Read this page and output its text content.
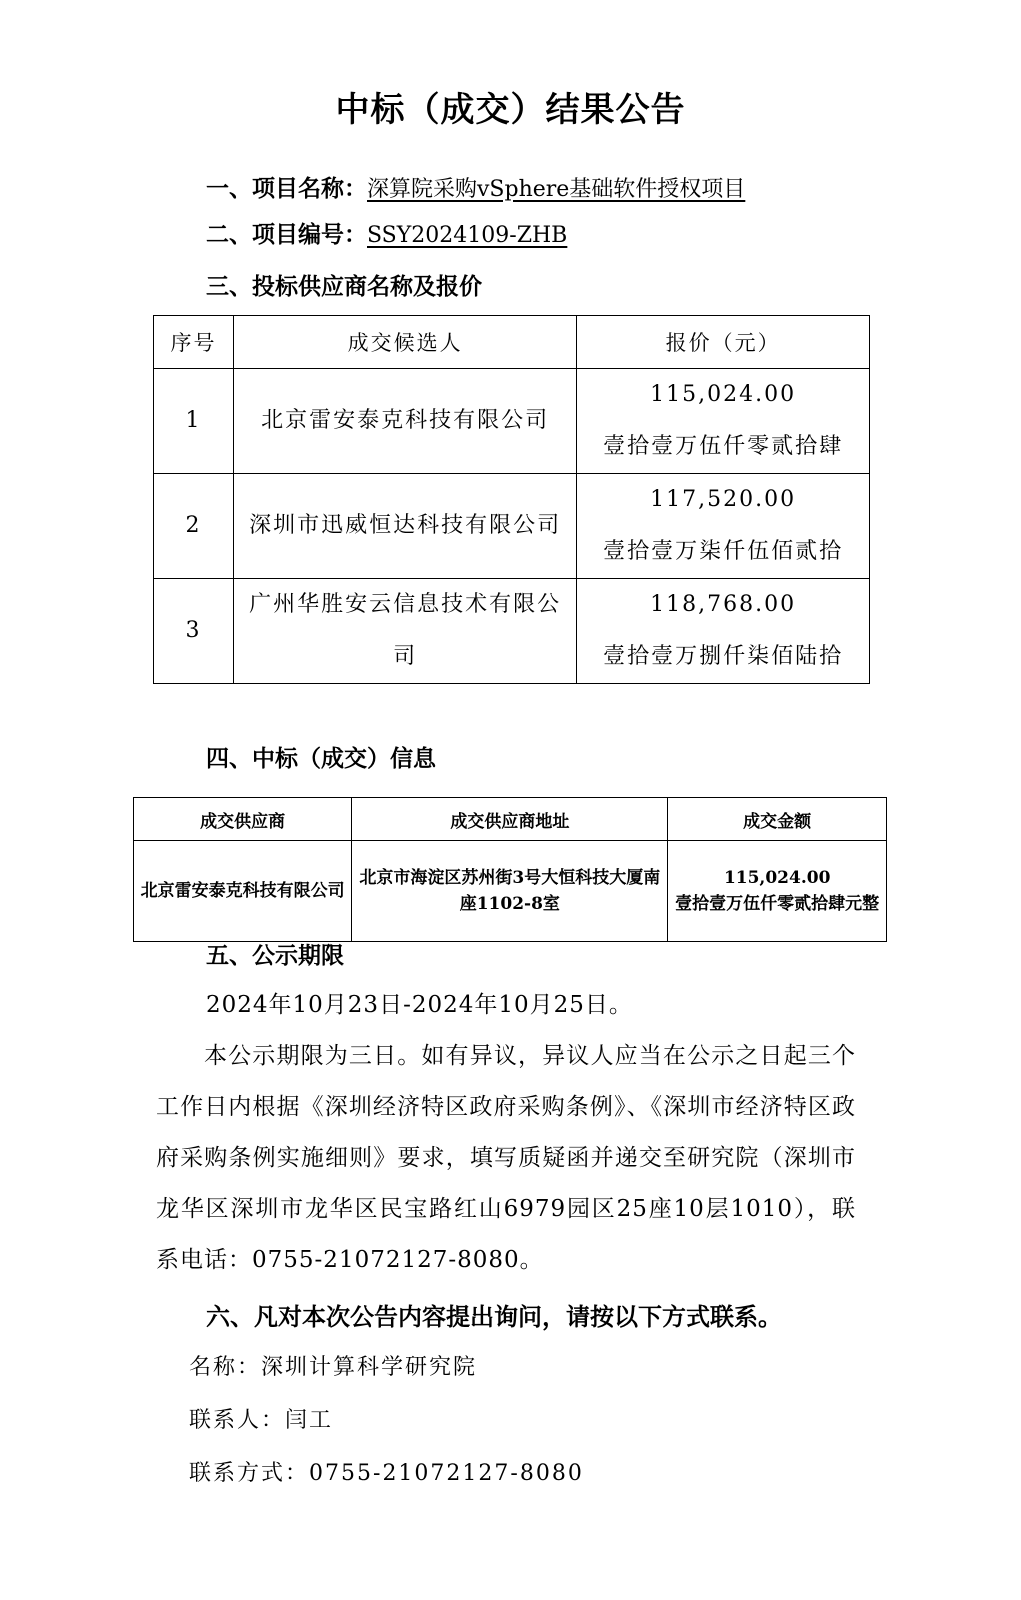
中标（成交）结果公告
一、项目名称：深算院采购vSphere基础软件授权项目
二、项目编号：SSY2024109-ZHB
三、投标供应商名称及报价
序号	成交候选人	报价（元）
1	北京雷安泰克科技有限公司	115,024.00
壹拾壹万伍仟零贰拾肆

2	深圳市迅威恒达科技有限公司	117,520.00
壹拾壹万柒仟伍佰贰拾

3	广州华胜安云信息技术有限公司	118,768.00
壹拾壹万捌仟柒佰陆拾
四、中标（成交）信息
成交供应商	成交供应商地址	成交金额
北京雷安泰克科技有限公司	北京市海淀区苏州街3号大恒科技大厦南座1102-8室	115,024.00
壹拾壹万伍仟零贰拾肆元整
五、公示期限
2024年10月23日-2024年10月25日。
本公示期限为三日。如有异议，异议人应当在公示之日起三个工作日内根据《深圳经济特区政府采购条例》、《深圳市经济特区政府采购条例实施细则》要求，填写质疑函并递交至研究院（深圳市龙华区深圳市龙华区民宝路红山6979园区25座10层1010），联系电话：0755-21072127-8080。
六、凡对本次公告内容提出询问，请按以下方式联系。
名称：深圳计算科学研究院
联系人：闫工
联系方式：0755-21072127-8080
